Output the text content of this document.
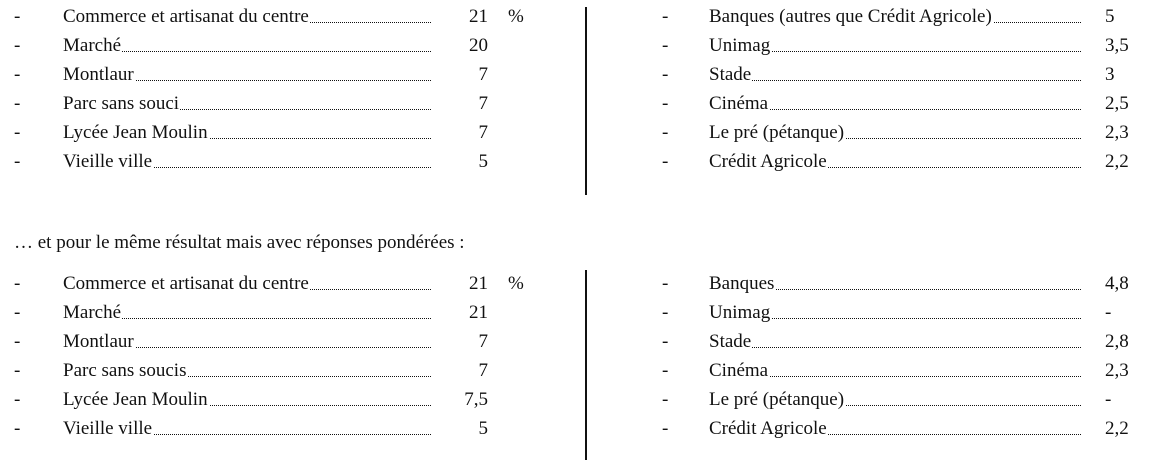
- Commerce et artisanat du centre	21 %
- Marché	20
- Montlaur	7
- Parc sans souci	7
- Lycée Jean Moulin	7
- Vieille ville	5
- Banques (autres que Crédit Agricole)	5
- Unimag	3,5
- Stade	3
- Cinéma	2,5
- Le pré (pétanque)	2,3
- Crédit Agricole	2,2
… et pour le même résultat mais avec réponses pondérées :
- Commerce et artisanat du centre	21 %
- Marché	21
- Montlaur	7
- Parc sans soucis	7
- Lycée Jean Moulin	7,5
- Vieille ville	5
- Banques	4,8
- Unimag	-
- Stade	2,8
- Cinéma	2,3
- Le pré (pétanque)	-
- Crédit Agricole	2,2
